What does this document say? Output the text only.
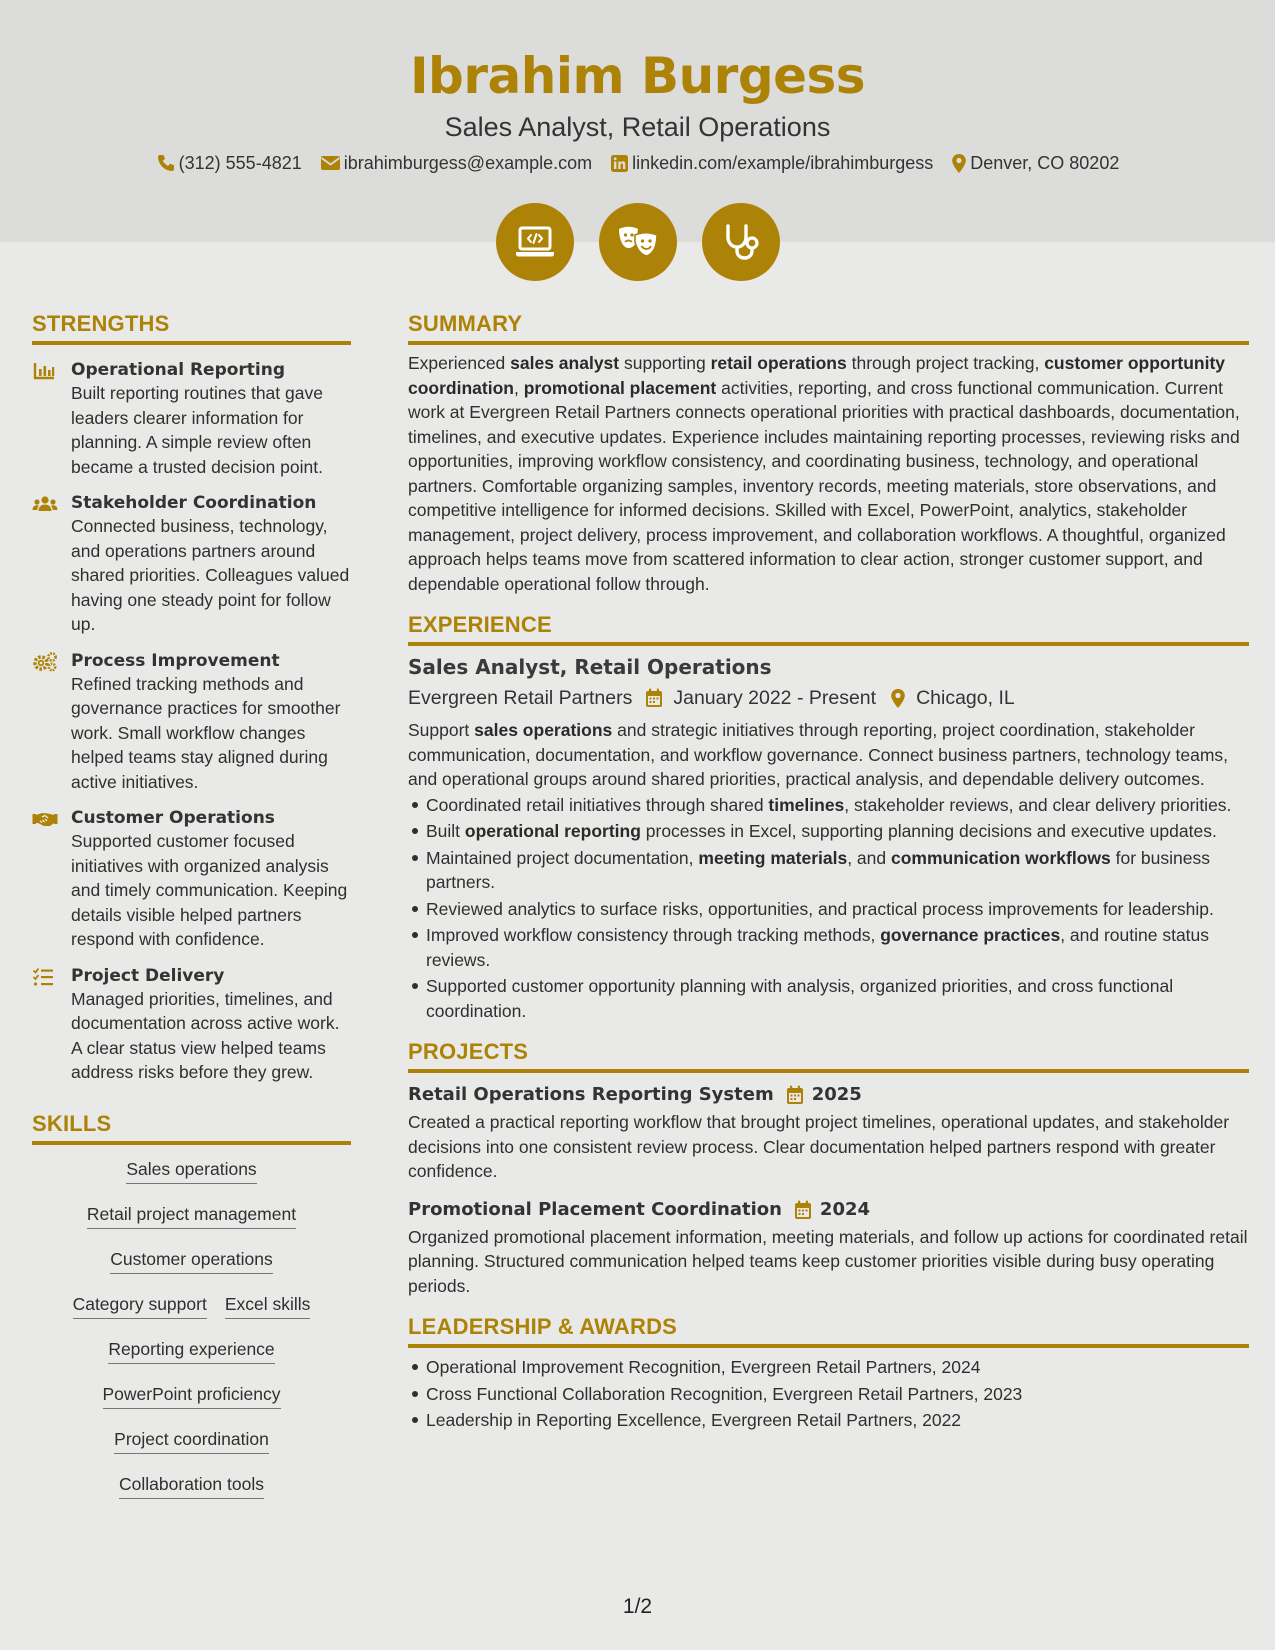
Ibrahim Burgess
Sales Analyst, Retail Operations
(312) 555-4821 ibrahimburgess@example.com linkedin.com/example/ibrahimburgess Denver, CO 80202
STRENGTHS
Operational Reporting

Built reporting routines that gave leaders clearer information for planning. A simple review often became a trusted decision point.

Stakeholder Coordination

Connected business, technology, and operations partners around shared priorities. Colleagues valued having one steady point for follow up.

Process Improvement

Refined tracking methods and governance practices for smoother work. Small workflow changes helped teams stay aligned during active initiatives.

Customer Operations

Supported customer focused initiatives with organized analysis and timely communication. Keeping details visible helped partners respond with confidence.

Project Delivery

Managed priorities, timelines, and documentation across active work. A clear status view helped teams address risks before they grew.

SKILLS
Sales operations
Retail project management
Customer operations
Category support Excel skills
Reporting experience
PowerPoint proficiency
Project coordination
Collaboration tools
SUMMARY

Experienced sales analyst supporting retail operations through project tracking, customer opportunity coordination, promotional placement activities, reporting, and cross functional communication. Current work at Evergreen Retail Partners connects operational priorities with practical dashboards, documentation, timelines, and executive updates. Experience includes maintaining reporting processes, reviewing risks and opportunities, improving workflow consistency, and coordinating business, technology, and operational partners. Comfortable organizing samples, inventory records, meeting materials, store observations, and competitive intelligence for informed decisions. Skilled with Excel, PowerPoint, analytics, stakeholder management, project delivery, process improvement, and collaboration workflows. A thoughtful, organized approach helps teams move from scattered information to clear action, stronger customer support, and dependable operational follow through.

EXPERIENCE
Sales Analyst, Retail Operations
Evergreen Retail Partners January 2022 - Present Chicago, IL

Support sales operations and strategic initiatives through reporting, project coordination, stakeholder communication, documentation, and workflow governance. Connect business partners, technology teams, and operational groups around shared priorities, practical analysis, and dependable delivery outcomes.

Coordinated retail initiatives through shared timelines, stakeholder reviews, and clear delivery priorities.
Built operational reporting processes in Excel, supporting planning decisions and executive updates.
Maintained project documentation, meeting materials, and communication workflows for business partners.
Reviewed analytics to surface risks, opportunities, and practical process improvements for leadership.
Improved workflow consistency through tracking methods, governance practices, and routine status reviews.
Supported customer opportunity planning with analysis, organized priorities, and cross functional coordination.
PROJECTS
Retail Operations Reporting System 2025

Created a practical reporting workflow that brought project timelines, operational updates, and stakeholder decisions into one consistent review process. Clear documentation helped partners respond with greater confidence.

Promotional Placement Coordination 2024

Organized promotional placement information, meeting materials, and follow up actions for coordinated retail planning. Structured communication helped teams keep customer priorities visible during busy operating periods.

LEADERSHIP & AWARDS
Operational Improvement Recognition, Evergreen Retail Partners, 2024
Cross Functional Collaboration Recognition, Evergreen Retail Partners, 2023
Leadership in Reporting Excellence, Evergreen Retail Partners, 2022
1/2
